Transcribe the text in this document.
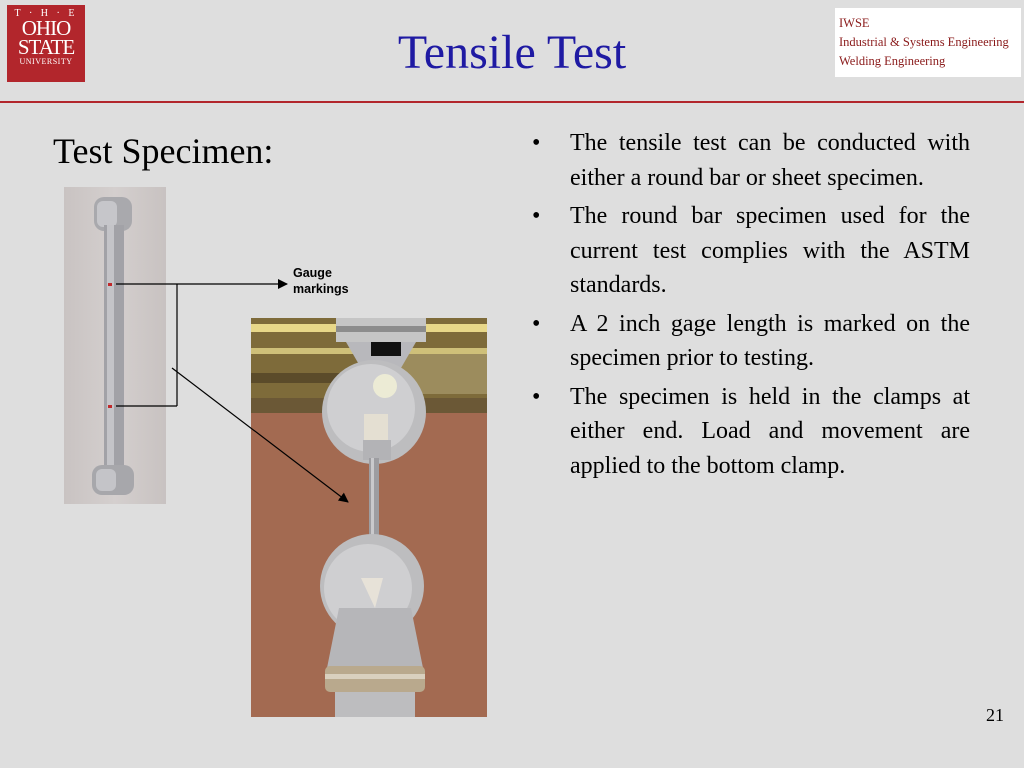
T · H · E
OHIO
STATE
UNIVERSITY	Tensile Test
IWSE
Industrial & Systems Engineering
Welding Engineering
Test Specimen:
Gauge
markings
• The tensile test can be conducted with either a round bar or sheet specimen.
• The round bar specimen used for the current test complies with the ASTM standards.
• A 2 inch gage length is marked on the specimen prior to testing.
• The specimen is held in the clamps at either end. Load and movement are applied to the bottom clamp.
21
